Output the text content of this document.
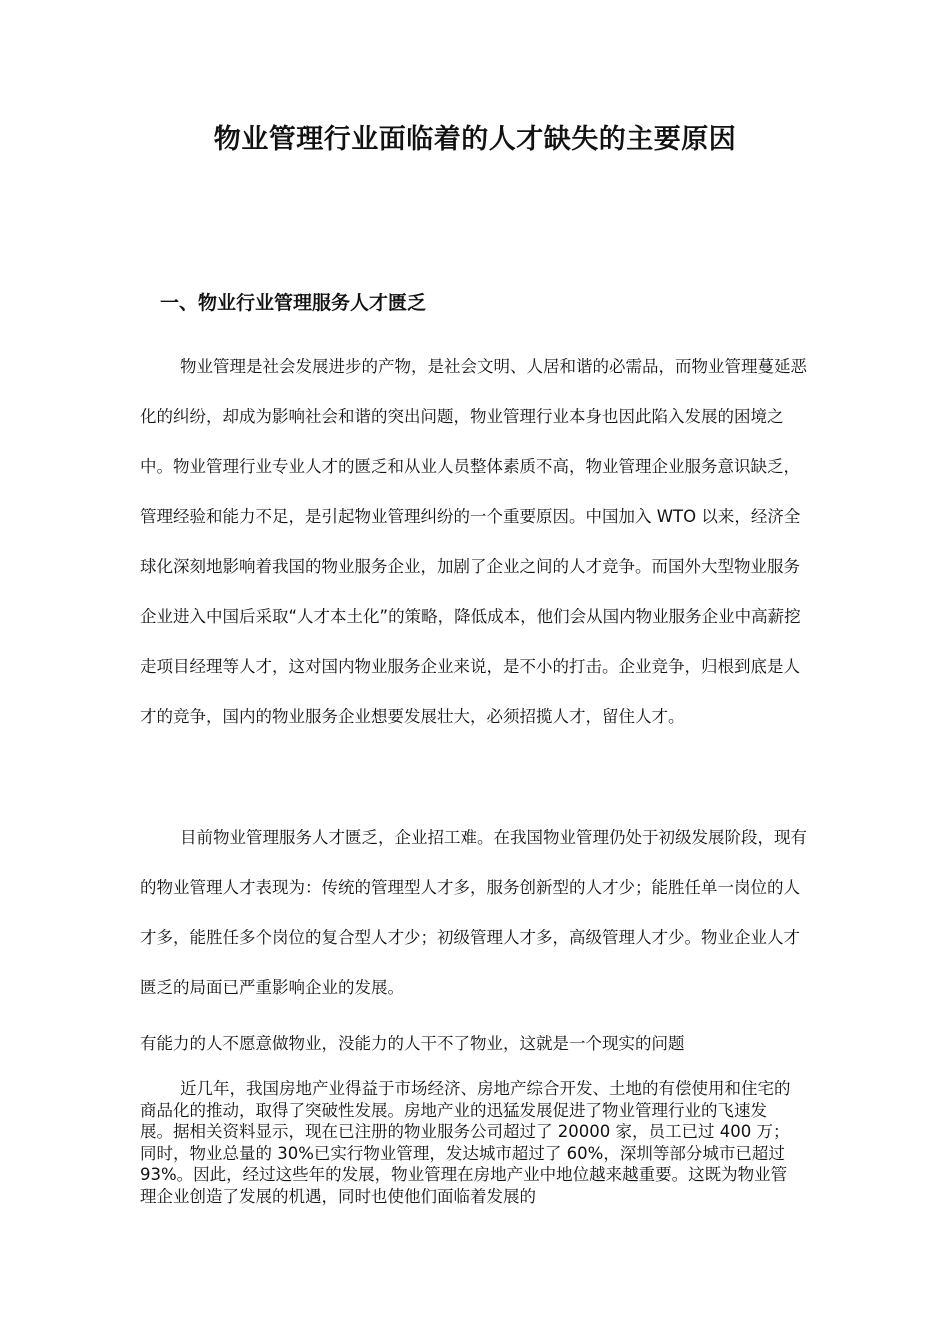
物业管理行业面临着的人才缺失的主要原因
一、物业行业管理服务人才匮乏

物业管理是社会发展进步的产物，是社会文明、人居和谐的必需品，而物业管理蔓延恶化的纠纷，却成为影响社会和谐的突出问题，物业管理行业本身也因此陷入发展的困境之中。物业管理行业专业人才的匮乏和从业人员整体素质不高，物业管理企业服务意识缺乏，管理经验和能力不足，是引起物业管理纠纷的一个重要原因。中国加入 WTO 以来，经济全球化深刻地影响着我国的物业服务企业，加剧了企业之间的人才竞争。而国外大型物业服务企业进入中国后采取“人才本土化”的策略，降低成本，他们会从国内物业服务企业中高薪挖走项目经理等人才，这对国内物业服务企业来说，是不小的打击。企业竞争，归根到底是人才的竞争，国内的物业服务企业想要发展壮大，必须招揽人才，留住人才。

目前物业管理服务人才匮乏，企业招工难。在我国物业管理仍处于初级发展阶段，现有的物业管理人才表现为：传统的管理型人才多，服务创新型的人才少；能胜任单一岗位的人才多，能胜任多个岗位的复合型人才少；初级管理人才多，高级管理人才少。物业企业人才匮乏的局面已严重影响企业的发展。

有能力的人不愿意做物业，没能力的人干不了物业，这就是一个现实的问题

近几年，我国房地产业得益于市场经济、房地产综合开发、土地的有偿使用和住宅的商品化的推动，取得了突破性发展。房地产业的迅猛发展促进了物业管理行业的飞速发展。据相关资料显示，现在已注册的物业服务公司超过了 20000 家，员工已过 400 万；同时，物业总量的 30%已实行物业管理，发达城市超过了 60%，深圳等部分城市已超过 93%。因此，经过这些年的发展，物业管理在房地产业中地位越来越重要。这既为物业管理企业创造了发展的机遇，同时也使他们面临着发展的
